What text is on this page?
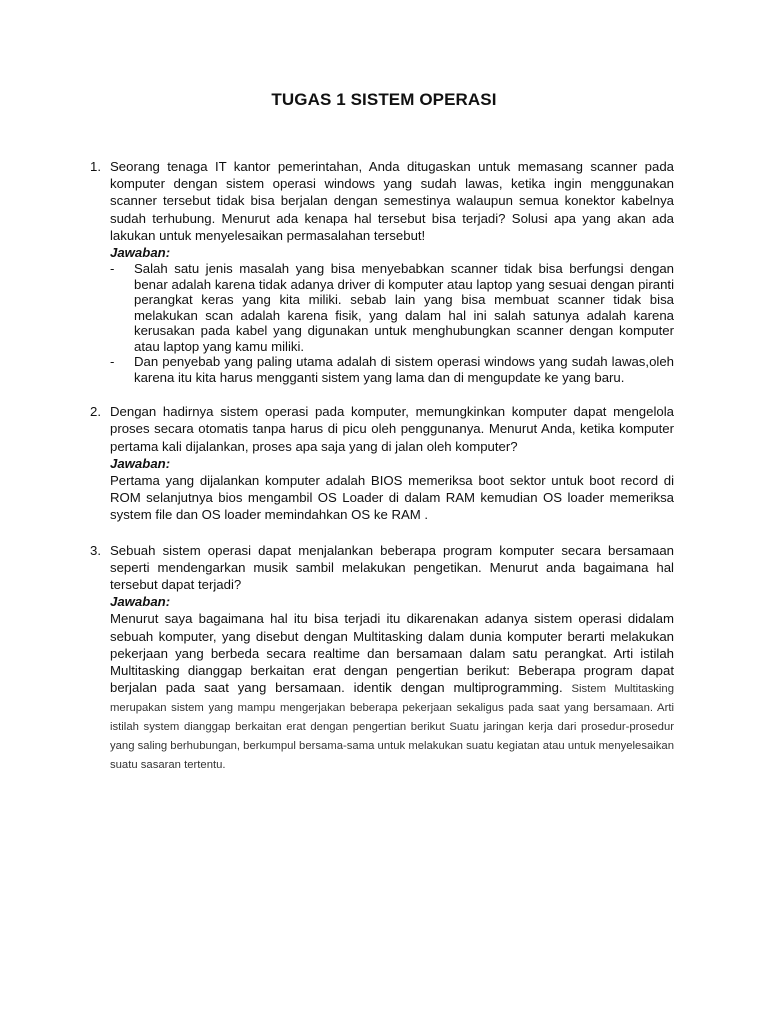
TUGAS 1 SISTEM OPERASI
1. Seorang tenaga IT kantor pemerintahan, Anda ditugaskan untuk memasang scanner pada komputer dengan sistem operasi windows yang sudah lawas, ketika ingin menggunakan scanner tersebut tidak bisa berjalan dengan semestinya walaupun semua konektor kabelnya sudah terhubung. Menurut ada kenapa hal tersebut bisa terjadi? Solusi apa yang akan ada lakukan untuk menyelesaikan permasalahan tersebut!

Jawaban:

-	Salah satu jenis masalah yang bisa menyebabkan scanner tidak bisa berfungsi dengan benar adalah karena tidak adanya driver di komputer atau laptop yang sesuai dengan piranti perangkat keras yang kita miliki. sebab lain yang bisa membuat scanner tidak bisa melakukan scan adalah karena fisik, yang dalam hal ini salah satunya adalah karena kerusakan pada kabel yang digunakan untuk menghubungkan scanner dengan komputer atau laptop yang kamu miliki.

-	Dan penyebab yang paling utama adalah di sistem operasi windows yang sudah lawas,oleh karena itu kita harus mengganti sistem yang lama dan di mengupdate ke yang baru.

2. Dengan hadirnya sistem operasi pada komputer, memungkinkan komputer dapat mengelola proses secara otomatis tanpa harus di picu oleh penggunanya. Menurut Anda, ketika komputer pertama kali dijalankan, proses apa saja yang di jalan oleh komputer?

Jawaban:

Pertama yang dijalankan komputer adalah BIOS memeriksa boot sektor untuk boot record di ROM selanjutnya bios mengambil OS Loader di dalam RAM kemudian OS loader memeriksa system file dan OS loader memindahkan OS ke RAM .

3. Sebuah sistem operasi dapat menjalankan beberapa program komputer secara bersamaan seperti mendengarkan musik sambil melakukan pengetikan. Menurut anda bagaimana hal tersebut dapat terjadi?

Jawaban:

Menurut saya bagaimana hal itu bisa terjadi itu dikarenakan adanya sistem operasi didalam sebuah komputer, yang disebut dengan Multitasking dalam dunia komputer berarti melakukan pekerjaan yang berbeda secara realtime dan bersamaan dalam satu perangkat. Arti istilah Multitasking dianggap berkaitan erat dengan pengertian berikut: Beberapa program dapat berjalan pada saat yang bersamaan. identik dengan multiprogramming. Sistem Multitasking merupakan sistem yang mampu mengerjakan beberapa pekerjaan sekaligus pada saat yang bersamaan. Arti istilah system dianggap berkaitan erat dengan pengertian berikut Suatu jaringan kerja dari prosedur-prosedur yang saling berhubungan, berkumpul bersama-sama untuk melakukan suatu kegiatan atau untuk menyelesaikan suatu sasaran tertentu.
